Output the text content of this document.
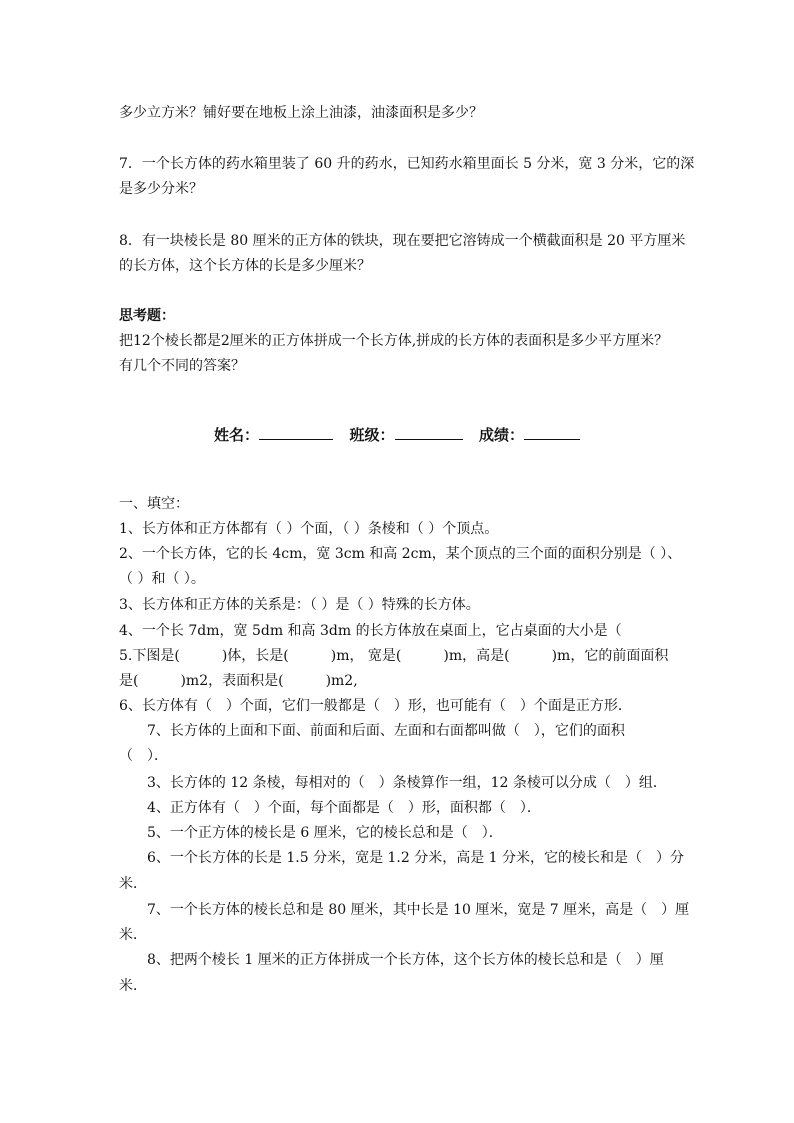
多少立方米？铺好要在地板上涂上油漆，油漆面积是多少？
7．一个长方体的药水箱里装了 60 升的药水，已知药水箱里面长 5 分米，宽 3 分米，它的深
是多少分米？
8．有一块棱长是 80 厘米的正方体的铁块，现在要把它溶铸成一个横截面积是 20 平方厘米
的长方体，这个长方体的长是多少厘米？
思考题：
把12个棱长都是2厘米的正方体拼成一个长方体,拼成的长方体的表面积是多少平方厘米？
有几个不同的答案？
姓名：	班级：	成绩：
一、填空：
1、长方体和正方体都有（ ）个面，（ ）条棱和（ ）个顶点。
2、一个长方体，它的长 4cm，宽 3cm 和高 2cm，某个顶点的三个面的面积分别是（ ）、
（ ）和（ ）。
3、长方体和正方体的关系是：（ ）是（ ）特殊的长方体。
4、一个长 7dm，宽 5dm 和高 3dm 的长方体放在桌面上，它占桌面的大小是（
5.下图是(　　　)体，长是(　　　)m， 宽是(　　　)m，高是(　　　)m，它的前面面积
是(　　　)m2，表面积是(　　　)m2,
6、长方体有（　）个面，它们一般都是（　）形，也可能有（　）个面是正方形．
7、长方体的上面和下面、前面和后面、左面和右面都叫做（　），它们的面积
（　）．
3、长方体的 12 条棱，每相对的（　）条棱算作一组，12 条棱可以分成（　）组．
4、正方体有（　）个面，每个面都是（　）形，面积都（　）．
5、一个正方体的棱长是 6 厘米，它的棱长总和是（　）．
6、一个长方体的长是 1.5 分米，宽是 1.2 分米，高是 1 分米，它的棱长和是（　）分
米．
7、一个长方体的棱长总和是 80 厘米，其中长是 10 厘米，宽是 7 厘米，高是（　）厘
米．
8、把两个棱长 1 厘米的正方体拼成一个长方体，这个长方体的棱长总和是（　）厘
米．
